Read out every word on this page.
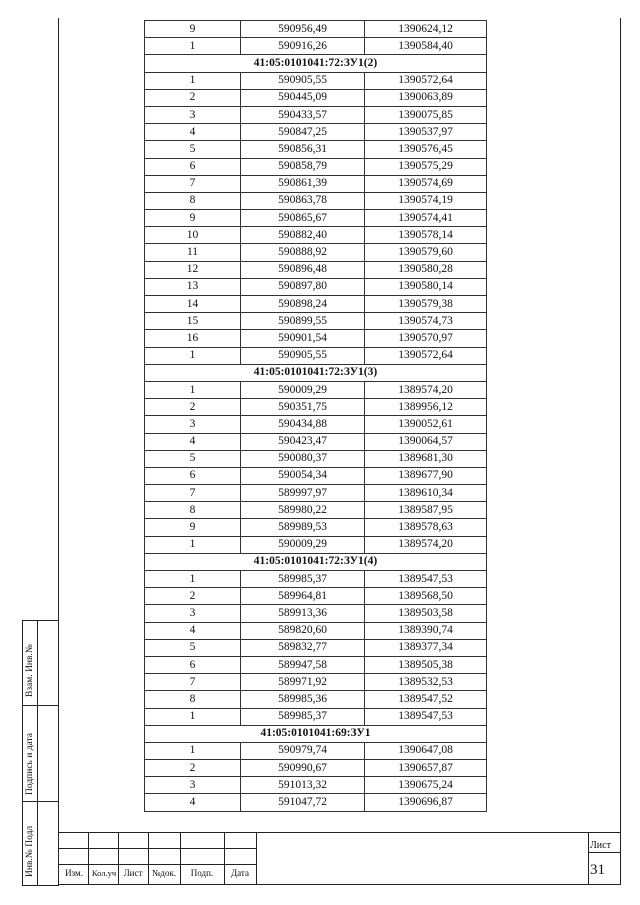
Взам. Инв.№
Подпись и дата
Инв.№ Подл
9	590956,49	1390624,12
1	590916,26	1390584,40
41:05:0101041:72:ЗУ1(2)		
1	590905,55	1390572,64
2	590445,09	1390063,89
3	590433,57	1390075,85
4	590847,25	1390537,97
5	590856,31	1390576,45
6	590858,79	1390575,29
7	590861,39	1390574,69
8	590863,78	1390574,19
9	590865,67	1390574,41
10	590882,40	1390578,14
11	590888,92	1390579,60
12	590896,48	1390580,28
13	590897,80	1390580,14
14	590898,24	1390579,38
15	590899,55	1390574,73
16	590901,54	1390570,97
1	590905,55	1390572,64
41:05:0101041:72:ЗУ1(3)		
1	590009,29	1389574,20
2	590351,75	1389956,12
3	590434,88	1390052,61
4	590423,47	1390064,57
5	590080,37	1389681,30
6	590054,34	1389677,90
7	589997,97	1389610,34
8	589980,22	1389587,95
9	589989,53	1389578,63
1	590009,29	1389574,20
41:05:0101041:72:ЗУ1(4)		
1	589985,37	1389547,53
2	589964,81	1389568,50
3	589913,36	1389503,58
4	589820,60	1389390,74
5	589832,77	1389377,34
6	589947,58	1389505,38
7	589971,92	1389532,53
8	589985,36	1389547,52
1	589985,37	1389547,53
41:05:0101041:69:ЗУ1		
1	590979,74	1390647,08
2	590990,67	1390657,87
3	591013,32	1390675,24
4	591047,72	1390696,87
Изм.	Кол.уч Лист	№док.	Подп.	Дата
Лист
31
